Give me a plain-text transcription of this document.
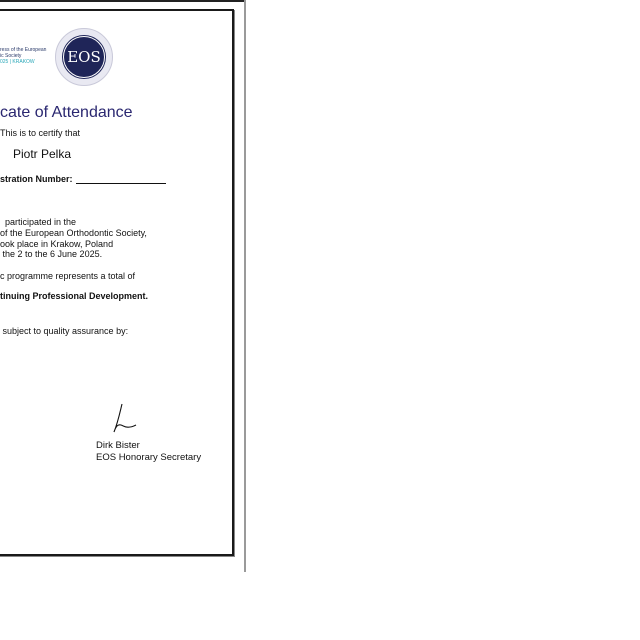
ress of the European
ic Society
025 | KRAKOW	EOS
cate of Attendance
This is to certify that
Piotr Pelka
stration Number:
participated in the
of the European Orthodontic Society,
ook place in Krakow, Poland
the 2 to the 6 June 2025.
c programme represents a total of
tinuing Professional Development.
subject to quality assurance by:
Dirk Bister
EOS Honorary Secretary
